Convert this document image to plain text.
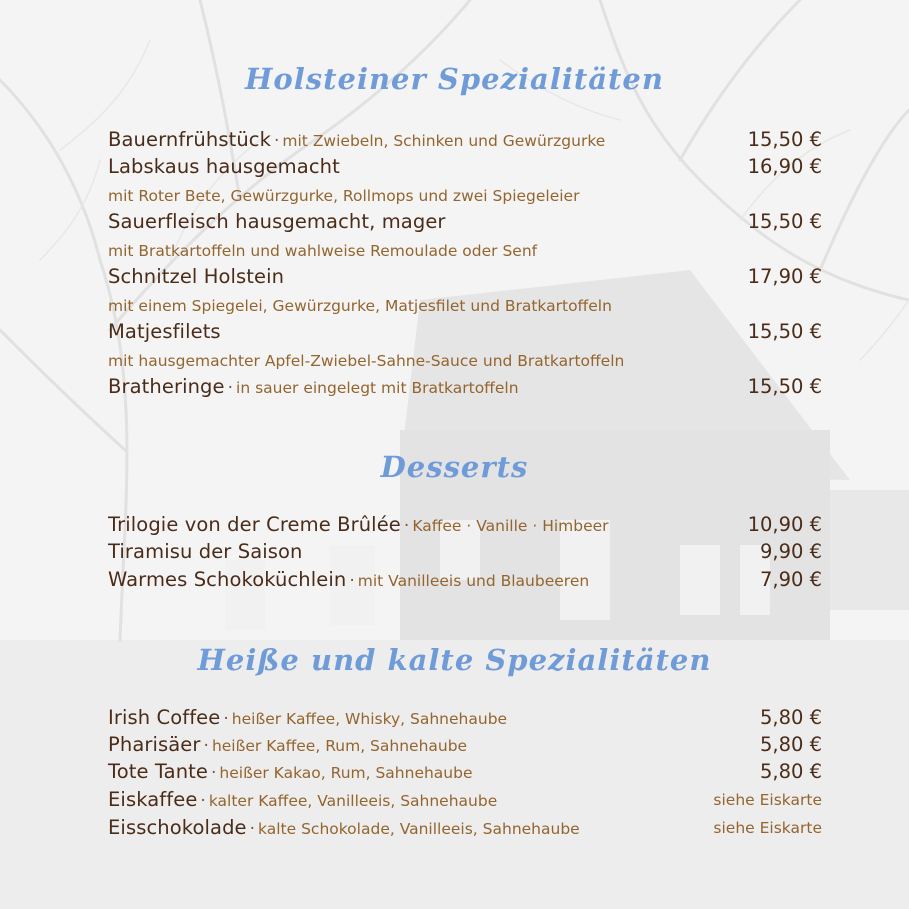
Holsteiner Spezialitäten
Bauernfrühstück · mit Zwiebeln, Schinken und Gewürzgurke	15,50 €
Labskaus hausgemacht	16,90 €
mit Roter Bete, Gewürzgurke, Rollmops und zwei Spiegeleier
Sauerfleisch hausgemacht, mager	15,50 €
mit Bratkartoffeln und wahlweise Remoulade oder Senf
Schnitzel Holstein	17,90 €
mit einem Spiegelei, Gewürzgurke, Matjesfilet und Bratkartoffeln
Matjesfilets	15,50 €
mit hausgemachter Apfel-Zwiebel-Sahne-Sauce und Bratkartoffeln
Bratheringe · in sauer eingelegt mit Bratkartoffeln	15,50 €
Desserts
Trilogie von der Creme Brûlée · Kaffee · Vanille · Himbeer	10,90 €
Tiramisu der Saison	9,90 €
Warmes Schokoküchlein · mit Vanilleeis und Blaubeeren	7,90 €
Heiße und kalte Spezialitäten
Irish Coffee · heißer Kaffee, Whisky, Sahnehaube	5,80 €
Pharisäer · heißer Kaffee, Rum, Sahnehaube	5,80 €
Tote Tante · heißer Kakao, Rum, Sahnehaube	5,80 €
Eiskaffee · kalter Kaffee, Vanilleeis, Sahnehaube	siehe Eiskarte
Eisschokolade · kalte Schokolade, Vanilleeis, Sahnehaube	siehe Eiskarte
